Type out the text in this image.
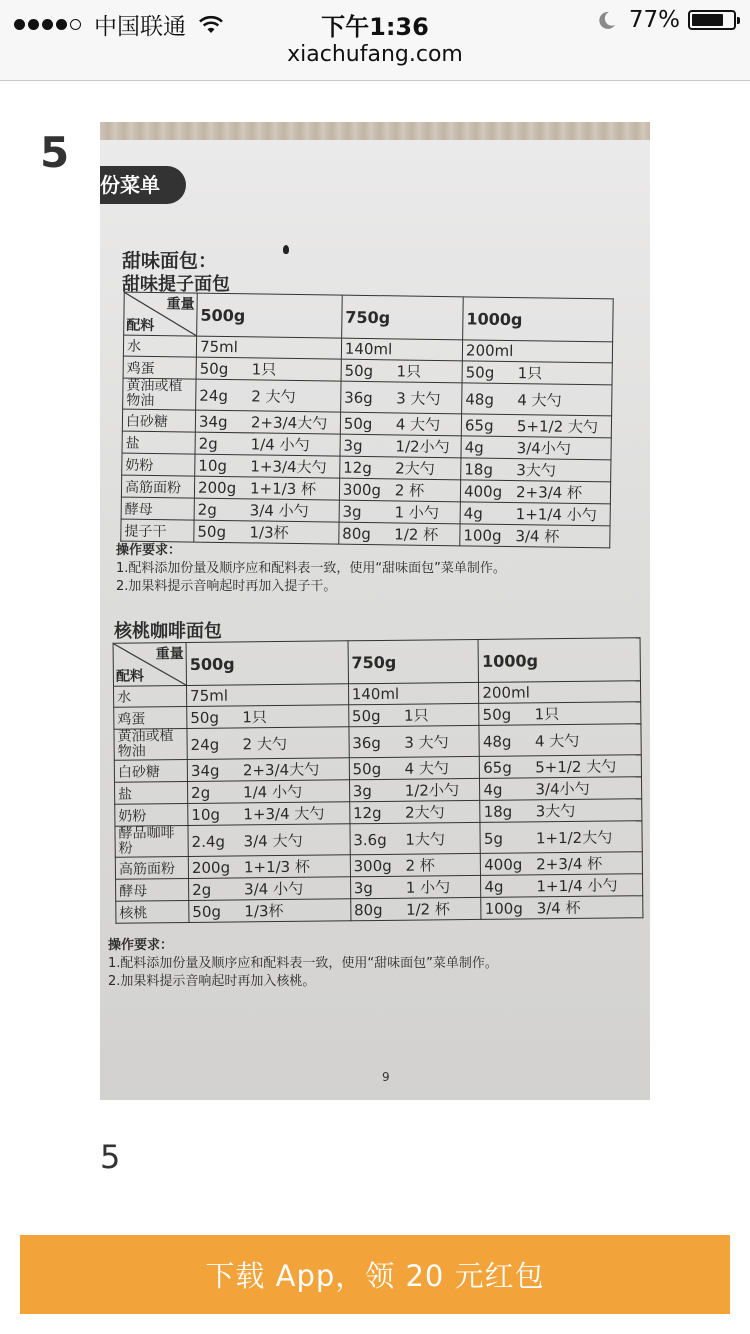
中国联通	下午1:36	77%
xiachufang.com
5
份菜单
甜味面包：
甜味提子面包
重量
配料	500g	750g	1000g
水	75ml	140ml	200ml
鸡蛋	50g 1只	50g 1只	50g 1只
黄油或植物油	24g 2 大勺	36g 3 大勺	48g 4 大勺
白砂糖	34g 2+3/4大勺	50g 4 大勺	65g 5+1/2 大勺
盐	2g 1/4 小勺	3g 1/2小勺	4g 3/4小勺
奶粉	10g 1+3/4大勺	12g 2大勺	18g 3大勺
高筋面粉	200g 1+1/3 杯	300g 2 杯	400g 2+3/4 杯
酵母	2g 3/4 小勺	3g 1 小勺	4g 1+1/4 小勺
提子干	50g 1/3杯	80g 1/2 杯	100g 3/4 杯
操作要求：
1.配料添加份量及顺序应和配料表一致，使用“甜味面包”菜单制作。
2.加果料提示音响起时再加入提子干。
核桃咖啡面包
重量
配料	500g	750g	1000g
水	75ml	140ml	200ml
鸡蛋	50g 1只	50g 1只	50g 1只
黄油或植物油	24g 2 大勺	36g 3 大勺	48g 4 大勺
白砂糖	34g 2+3/4大勺	50g 4 大勺	65g 5+1/2 大勺
盐	2g 1/4 小勺	3g 1/2小勺	4g 3/4小勺
奶粉	10g 1+3/4 大勺	12g 2大勺	18g 3大勺
酵品咖啡粉	2.4g 3/4 大勺	3.6g 1大勺	5g 1+1/2大勺
高筋面粉	200g 1+1/3 杯	300g 2 杯	400g 2+3/4 杯
酵母	2g 3/4 小勺	3g 1 小勺	4g 1+1/4 小勺
核桃	50g 1/3杯	80g 1/2 杯	100g 3/4 杯
操作要求：
1.配料添加份量及顺序应和配料表一致，使用“甜味面包”菜单制作。
2.加果料提示音响起时再加入核桃。
9
5
下载 App，领 20 元红包
